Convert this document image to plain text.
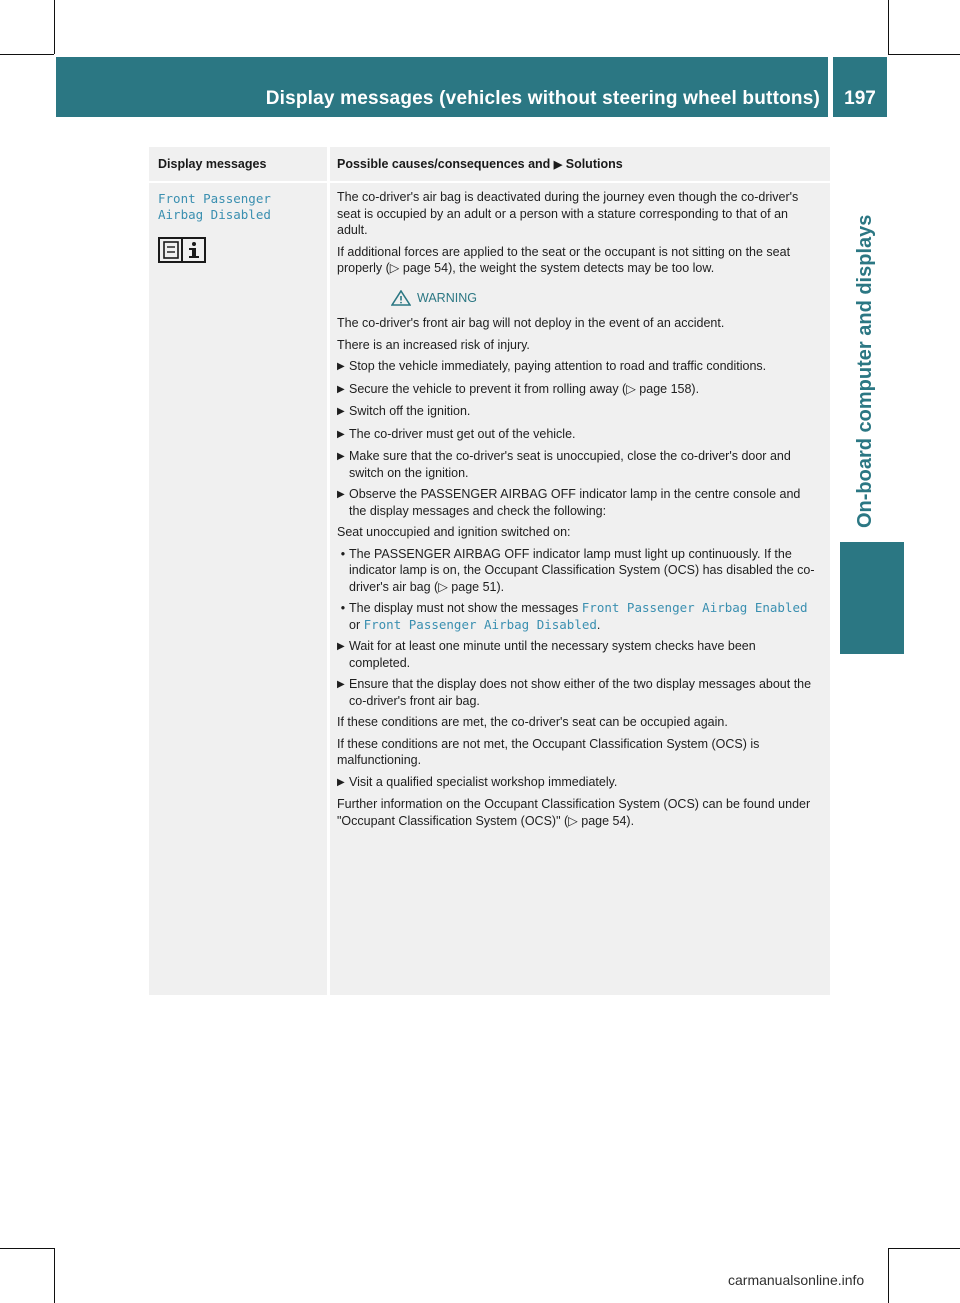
Display messages (vehicles without steering wheel buttons)	197
On-board computer and displays
Display messages	Possible causes/consequences and ▶ Solutions
Front Passenger Airbag Disabled

The co-driver's air bag is deactivated during the journey even though the co-driver's seat is occupied by an adult or a person with a stature corresponding to that of an adult.

If additional forces are applied to the seat or the occupant is not sitting on the seat properly (▷ page 54), the weight the system detects may be too low.

WARNING

The co-driver's front air bag will not deploy in the event of an accident.

There is an increased risk of injury.

▶ Stop the vehicle immediately, paying attention to road and traffic conditions.
▶ Secure the vehicle to prevent it from rolling away (▷ page 158).
▶ Switch off the ignition.
▶ The co-driver must get out of the vehicle.
▶ Make sure that the co-driver's seat is unoccupied, close the co-driver's door and switch on the ignition.
▶ Observe the PASSENGER AIRBAG OFF indicator lamp in the centre console and the display messages and check the following:

Seat unoccupied and ignition switched on:

• The PASSENGER AIRBAG OFF indicator lamp must light up continuously. If the indicator lamp is on, the Occupant Classification System (OCS) has disabled the co-driver's air bag (▷ page 51).
• The display must not show the messages Front Passenger Airbag Enabled or Front Passenger Airbag Disabled.
▶ Wait for at least one minute until the necessary system checks have been completed.
▶ Ensure that the display does not show either of the two display messages about the co-driver's front air bag.

If these conditions are met, the co-driver's seat can be occupied again.

If these conditions are not met, the Occupant Classification System (OCS) is malfunctioning.

▶ Visit a qualified specialist workshop immediately.

Further information on the Occupant Classification System (OCS) can be found under "Occupant Classification System (OCS)" (▷ page 54).

carmanualsonline.info
